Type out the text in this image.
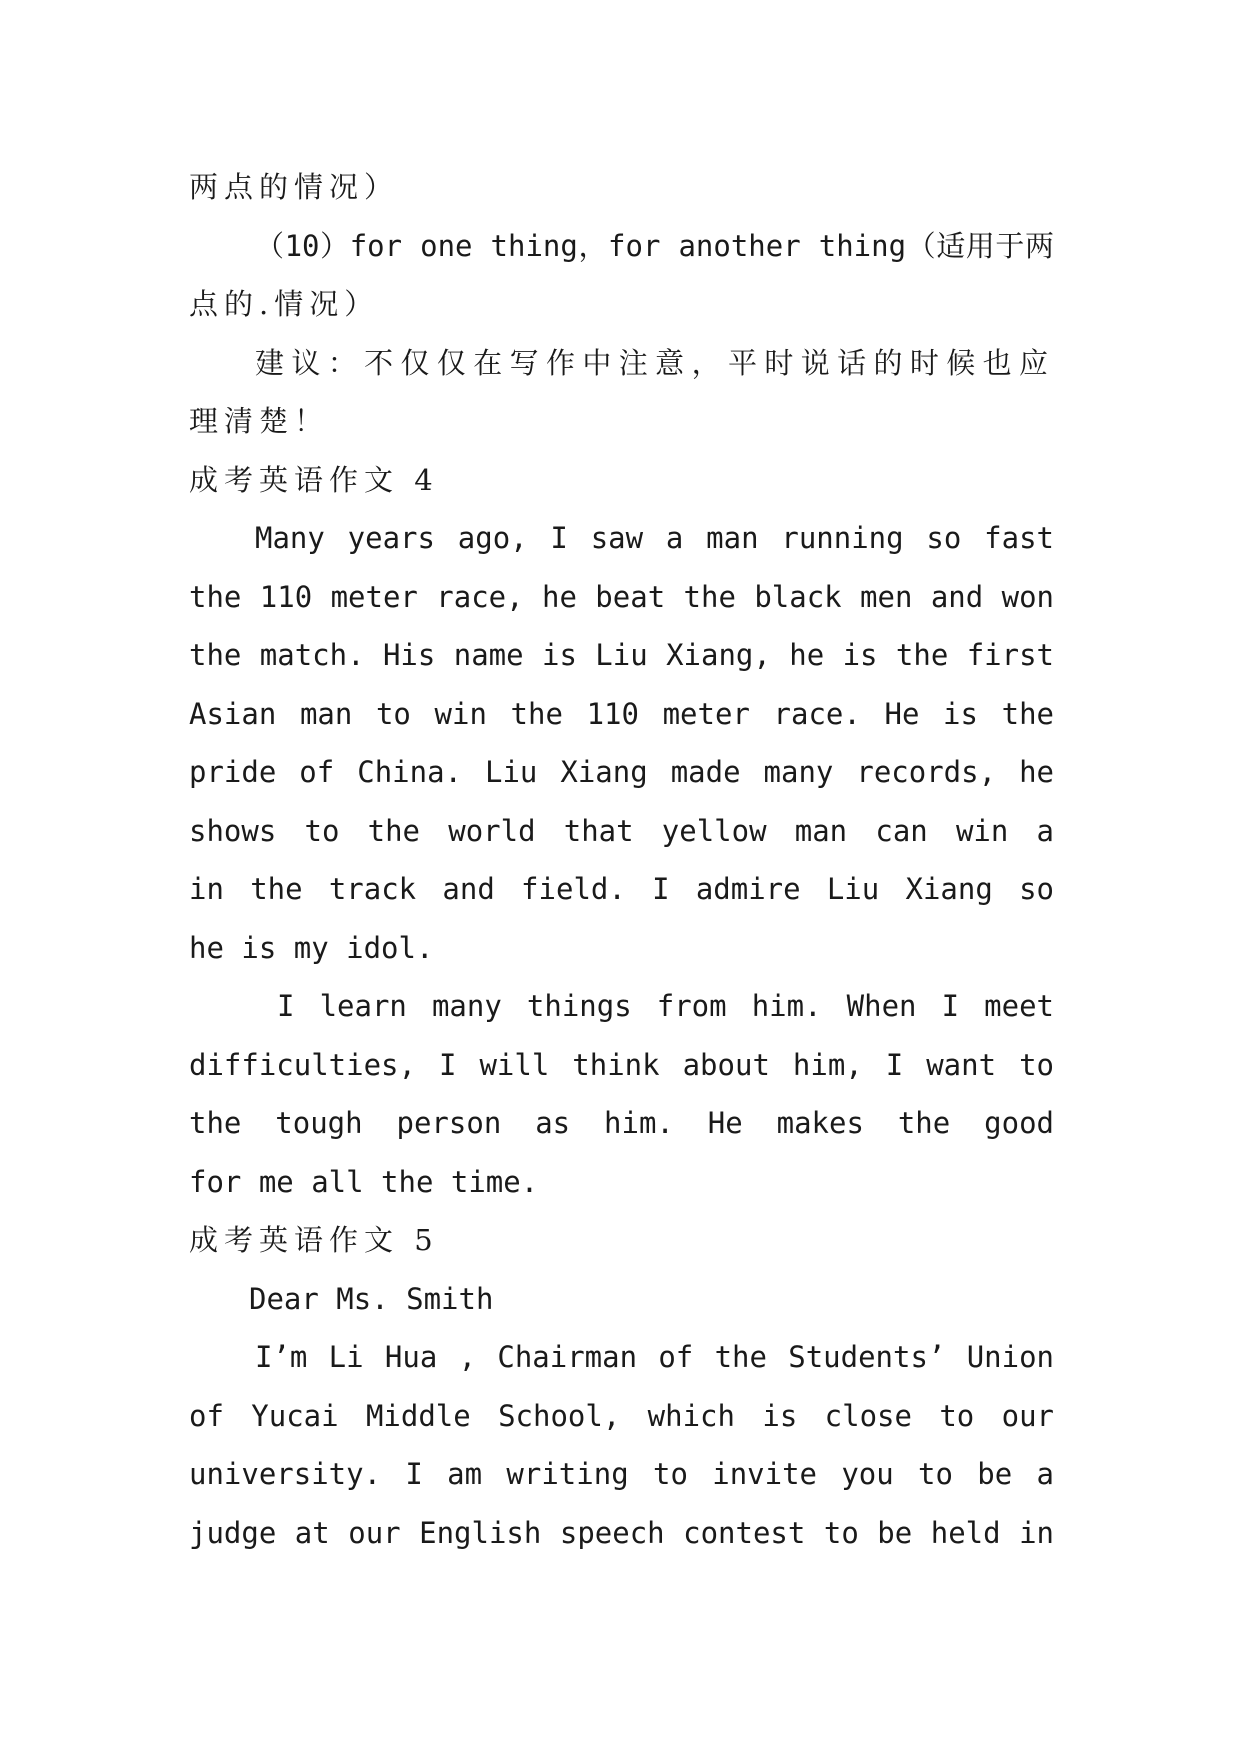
两点的情况）
（10）for one thing，for another thing（适用于两
点的.情况）
建议：不仅仅在写作中注意，平时说话的时候也应
理清楚！
成考英语作文 4
Many years ago, I saw a man running so fast
the 110 meter race, he beat the black men and won
the match. His name is Liu Xiang, he is the first
Asian man to win the 110 meter race. He is the
pride of China. Liu Xiang made many records, he
shows to the world that yellow man can win a
in the track and field. I admire Liu Xiang so
he is my idol.
I learn many things from him. When I meet
difficulties, I will think about him, I want to
the tough person as him. He makes the good
for me all the time.
成考英语作文 5
Dear Ms. Smith
I’m Li Hua , Chairman of the Students’ Union
of Yucai Middle School, which is close to our
university. I am writing to invite you to be a
judge at our English speech contest to be held in
